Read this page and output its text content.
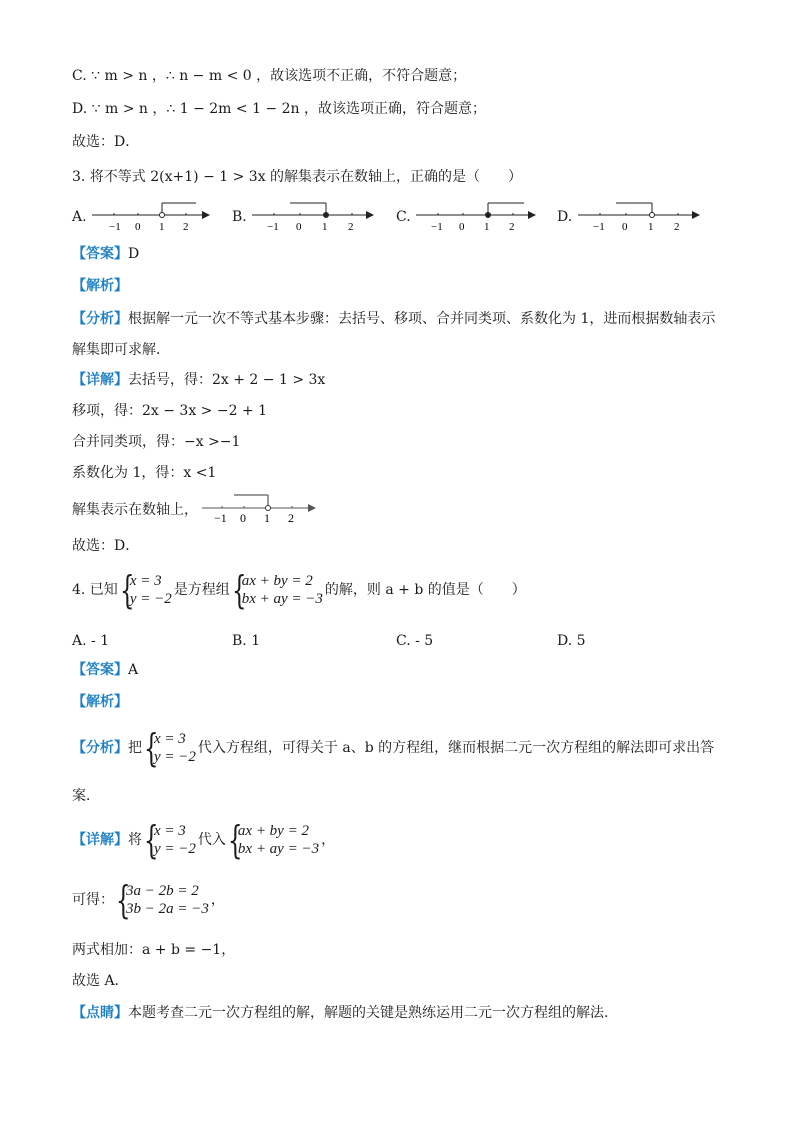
C. ∵ m > n ，∴ n − m < 0 ，故该选项不正确，不符合题意；
D. ∵ m > n ，∴ 1 − 2m < 1 − 2n ，故该选项正确，符合题意；
故选：D．
3. 将不等式 2(x+1) − 1 > 3x 的解集表示在数轴上，正确的是（　　）
A.
−1 0 1 2
B.
−1 0 1 2
C.
−1 0 1 2
D.
−1 0 1 2
【答案】D
【解析】
【分析】根据解一元一次不等式基本步骤：去括号、移项、合并同类项、系数化为 1，进而根据数轴表示
解集即可求解．
【详解】去括号，得：2x + 2 − 1 > 3x
移项，得：2x − 3x > −2 + 1
合并同类项，得：−x >−1
系数化为 1，得：x <1
解集表示在数轴上， −1 0 1 2
故选：D．
4. 已知 {
x = 3
y = −2
是方程组 {
ax + by = 2
bx + ay = −3
的解，则 a + b 的值是（　　）
A. - 1	B. 1	C. - 5	D. 5
【答案】A
【解析】
【分析】把 {
x = 3
y = −2
代入方程组，可得关于 a、b 的方程组，继而根据二元一次方程组的解法即可求出答
案．
【详解】将 {
x = 3
y = −2
代入 {
ax + by = 2
bx + ay = −3
，
可得： {
3a − 2b = 2
3b − 2a = −3
，
两式相加：a + b = −1，
故选 A．
【点睛】本题考查二元一次方程组的解，解题的关键是熟练运用二元一次方程组的解法.
